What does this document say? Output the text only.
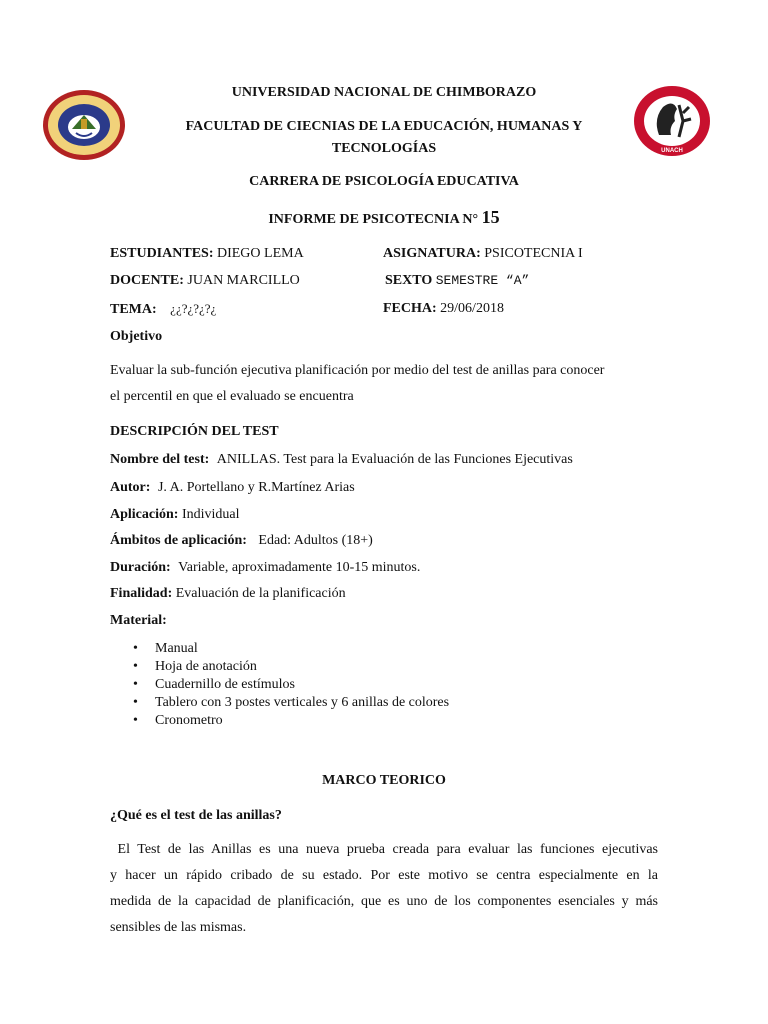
UNACH
UNIVERSIDAD NACIONAL DE CHIMBORAZO
FACULTAD DE CIECNIAS DE LA EDUCACIÓN, HUMANAS Y
TECNOLOGÍAS
CARRERA DE PSICOLOGÍA EDUCATIVA
INFORME DE PSICOTECNIA N° 15
ESTUDIANTES: DIEGO LEMA	ASIGNATURA: PSICOTECNIA I
DOCENTE: JUAN MARCILLO	SEXTO SEMESTRE “A”
TEMA: ¿¿?¿?¿?¿	FECHA: 29/06/2018
Objetivo
Evaluar la sub-función ejecutiva planificación por medio del test de anillas para conocer
el percentil en que el evaluado se encuentra
DESCRIPCIÓN DEL TEST
Nombre del test: ANILLAS. Test para la Evaluación de las Funciones Ejecutivas
Autor: J. A. Portellano y R.Martínez Arias
Aplicación: Individual
Ámbitos de aplicación: Edad: Adultos (18+)
Duración: Variable, aproximadamente 10-15 minutos.
Finalidad: Evaluación de la planificación
Material:
• Manual
• Hoja de anotación
• Cuadernillo de estímulos
• Tablero con 3 postes verticales y 6 anillas de colores
• Cronometro
MARCO TEORICO
¿Qué es el test de las anillas?
El Test de las Anillas es una nueva prueba creada para evaluar las funciones ejecutivas
y hacer un rápido cribado de su estado. Por este motivo se centra especialmente en la
medida de la capacidad de planificación, que es uno de los componentes esenciales y más
sensibles de las mismas.
